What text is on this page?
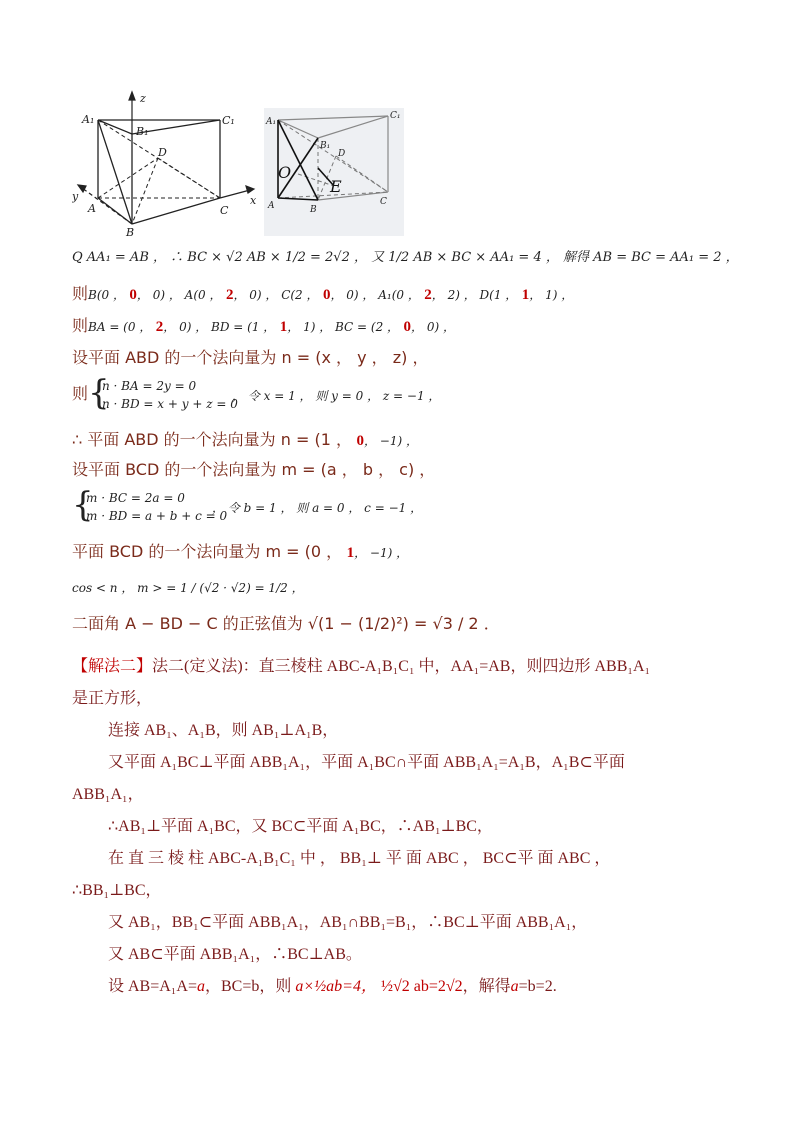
A₁
B₁
C₁
D
z
y	x
A
B
C
A₁
B₁
C₁
D
O
E
A	B
C
Q AA₁ = AB ， ∴ BC × √2 AB × 1/2 = 2√2 ， 又 1/2 AB × BC × AA₁ = 4 ， 解得 AB = BC = AA₁ = 2 ，
则B(0 ， 0， 0) ， A(0 ， 2， 0) ， C(2 ， 0， 0) ， A₁(0 ， 2， 2) ， D(1 ， 1， 1) ，
则BA = (0 ， 2， 0) ， BD = (1 ， 1， 1) ， BC = (2 ， 0， 0) ，
设平面 ABD 的一个法向量为 n = (x ， y ， z) ，
则 {
n · BA = 2y = 0
n · BD = x + y + z = 0
， 令 x = 1 ， 则 y = 0 ， z = −1 ，
∴ 平面 ABD 的一个法向量为 n = (1 ， 0， −1) ，
设平面 BCD 的一个法向量为 m = (a ， b ， c) ，
{
m · BC = 2a = 0
m · BD = a + b + c = 0
， 令 b = 1 ， 则 a = 0 ， c = −1 ，
平面 BCD 的一个法向量为 m = (0 ， 1， −1) ，
cos < n ， m > = 1 / (√2 · √2) = 1/2 ，
二面角 A − BD − C 的正弦值为 √(1 − (1/2)²) = √3 / 2 ．
【解法二】法二(定义法)：直三棱柱 ABC-A₁B₁C₁ 中，AA₁=AB，则四边形 ABB₁A₁
是正方形，
连接 AB₁、A₁B，则 AB₁⊥A₁B，
又平面 A₁BC⊥平面 ABB₁A₁，平面 A₁BC∩平面 ABB₁A₁=A₁B，A₁B⊂平面
ABB₁A₁，
∴AB₁⊥平面 A₁BC，又 BC⊂平面 A₁BC，∴AB₁⊥BC，
在 直 三 棱 柱 ABC-A₁B₁C₁ 中 ， BB₁⊥ 平 面 ABC ， BC⊂平 面 ABC ，
∴BB₁⊥BC，
又 AB₁，BB₁⊂平面 ABB₁A₁，AB₁∩BB₁=B₁，∴BC⊥平面 ABB₁A₁，
又 AB⊂平面 ABB₁A₁，∴BC⊥AB。
设 AB=A₁A=a，BC=b，则 a×½ab=4， ½√2 ab=2√2，解得a=b=2.
